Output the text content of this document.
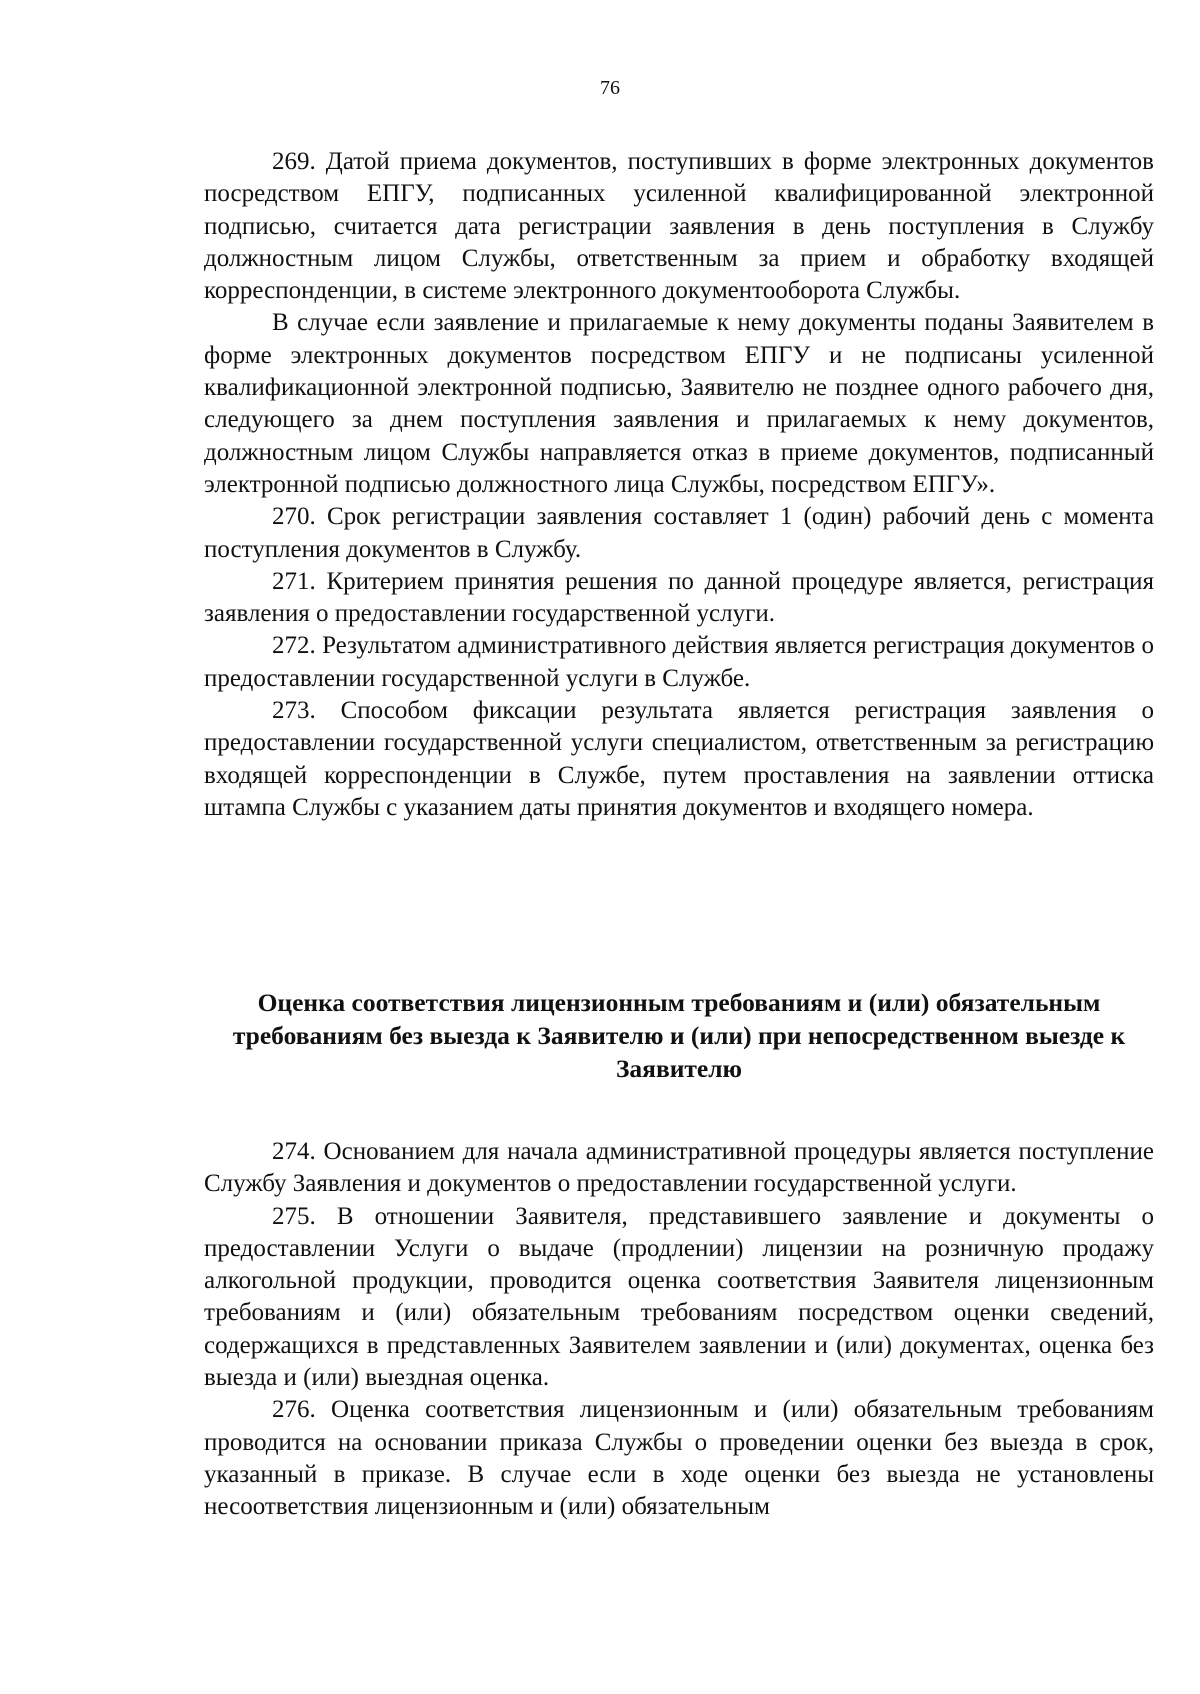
76

269. Датой приема документов, поступивших в форме электронных документов посредством ЕПГУ, подписанных усиленной квалифицированной электронной подписью, считается дата регистрации заявления в день поступления в Службу должностным лицом Службы, ответственным за прием и обработку входящей корреспонденции, в системе электронного документооборота Службы.

В случае если заявление и прилагаемые к нему документы поданы Заявителем в форме электронных документов посредством ЕПГУ и не подписаны усиленной квалификационной электронной подписью, Заявителю не позднее одного рабочего дня, следующего за днем поступления заявления и прилагаемых к нему документов, должностным лицом Службы направляется отказ в приеме документов, подписанный электронной подписью должностного лица Службы, посредством ЕПГУ».

270. Срок регистрации заявления составляет 1 (один) рабочий день с момента поступления документов в Службу.

271. Критерием принятия решения по данной процедуре является, регистрация заявления о предоставлении государственной услуги.

272. Результатом административного действия является регистрация документов о предоставлении государственной услуги в Службе.

273. Способом фиксации результата является регистрация заявления о предоставлении государственной услуги специалистом, ответственным за регистрацию входящей корреспонденции в Службе, путем проставления на заявлении оттиска штампа Службы с указанием даты принятия документов и входящего номера.

Оценка соответствия лицензионным требованиям и (или) обязательным требованиям без выезда к Заявителю и (или) при непосредственном выезде к Заявителю

274. Основанием для начала административной процедуры является поступление Службу Заявления и документов о предоставлении государственной услуги.

275. В отношении Заявителя, представившего заявление и документы о предоставлении Услуги о выдаче (продлении) лицензии на розничную продажу алкогольной продукции, проводится оценка соответствия Заявителя лицензионным требованиям и (или) обязательным требованиям посредством оценки сведений, содержащихся в представленных Заявителем заявлении и (или) документах, оценка без выезда и (или) выездная оценка.

276. Оценка соответствия лицензионным и (или) обязательным требованиям проводится на основании приказа Службы о проведении оценки без выезда в срок, указанный в приказе. В случае если в ходе оценки без выезда не установлены несоответствия лицензионным и (или) обязательным
